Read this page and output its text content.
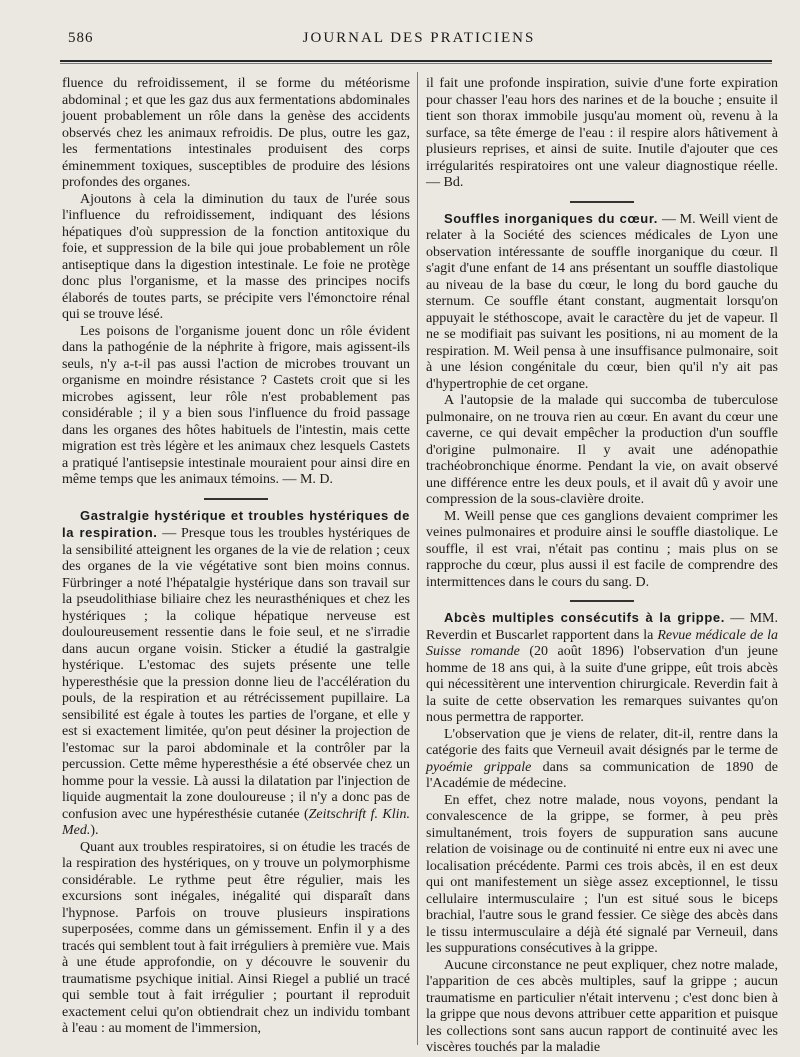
586	JOURNAL DES PRATICIENS

fluence du refroidissement, il se forme du météorisme abdominal ; et que les gaz dus aux fermentations abdominales jouent probablement un rôle dans la genèse des accidents observés chez les animaux refroidis. De plus, outre les gaz, les fermentations intestinales produisent des corps éminemment toxiques, susceptibles de produire des lésions profondes des organes.

Ajoutons à cela la diminution du taux de l'urée sous l'influence du refroidissement, indiquant des lésions hépatiques d'où suppression de la fonction antitoxique du foie, et suppression de la bile qui joue probablement un rôle antiseptique dans la digestion intestinale. Le foie ne protège donc plus l'organisme, et la masse des principes nocifs élaborés de toutes parts, se précipite vers l'émonctoire rénal qui se trouve lésé.

Les poisons de l'organisme jouent donc un rôle évident dans la pathogénie de la néphrite à frigore, mais agissent-ils seuls, n'y a-t-il pas aussi l'action de microbes trouvant un organisme en moindre résistance ? Castets croit que si les microbes agissent, leur rôle n'est probablement pas considérable ; il y a bien sous l'influence du froid passage dans les organes des hôtes habituels de l'intestin, mais cette migration est très légère et les animaux chez lesquels Castets a pratiqué l'antisepsie intestinale mouraient pour ainsi dire en même temps que les animaux témoins. — M. D.

Gastralgie hystérique et troubles hystériques de la respiration. — Presque tous les troubles hystériques de la sensibilité atteignent les organes de la vie de relation ; ceux des organes de la vie végétative sont bien moins connus. Fürbringer a noté l'hépatalgie hystérique dans son travail sur la pseudolithiase biliaire chez les neurasthéniques et chez les hystériques ; la colique hépatique nerveuse est douloureusement ressentie dans le foie seul, et ne s'irradie dans aucun organe voisin. Sticker a étudié la gastralgie hystérique. L'estomac des sujets présente une telle hyperesthésie que la pression donne lieu de l'accélération du pouls, de la respiration et au rétrécissement pupillaire. La sensibilité est égale à toutes les parties de l'organe, et elle y est si exactement limitée, qu'on peut désiner la projection de l'estomac sur la paroi abdominale et la contrôler par la percussion. Cette même hyperesthésie a été observée chez un homme pour la vessie. Là aussi la dilatation par l'injection de liquide augmentait la zone douloureuse ; il n'y a donc pas de confusion avec une hypéresthésie cutanée (Zeitschrift f. Klin. Med.).

Quant aux troubles respiratoires, si on étudie les tracés de la respiration des hystériques, on y trouve un polymorphisme considérable. Le rythme peut être régulier, mais les excursions sont inégales, inégalité qui disparaît dans l'hypnose. Parfois on trouve plusieurs inspirations superposées, comme dans un gémissement. Enfin il y a des tracés qui semblent tout à fait irréguliers à première vue. Mais à une étude approfondie, on y découvre le souvenir du traumatisme psychique initial. Ainsi Riegel a publié un tracé qui semble tout à fait irrégulier ; pourtant il reproduit exactement celui qu'on obtiendrait chez un individu tombant à l'eau : au moment de l'immersion,

il fait une profonde inspiration, suivie d'une forte expiration pour chasser l'eau hors des narines et de la bouche ; ensuite il tient son thorax immobile jusqu'au moment où, revenu à la surface, sa tête émerge de l'eau : il respire alors hâtivement à plusieurs reprises, et ainsi de suite. Inutile d'ajouter que ces irrégularités respiratoires ont une valeur diagnostique réelle. — Bd.

Souffles inorganiques du cœur. — M. Weill vient de relater à la Société des sciences médicales de Lyon une observation intéressante de souffle inorganique du cœur. Il s'agit d'une enfant de 14 ans présentant un souffle diastolique au niveau de la base du cœur, le long du bord gauche du sternum. Ce souffle étant constant, augmentait lorsqu'on appuyait le stéthoscope, avait le caractère du jet de vapeur. Il ne se modifiait pas suivant les positions, ni au moment de la respiration. M. Weil pensa à une insuffisance pulmonaire, soit à une lésion congénitale du cœur, bien qu'il n'y ait pas d'hypertrophie de cet organe.

A l'autopsie de la malade qui succomba de tuberculose pulmonaire, on ne trouva rien au cœur. En avant du cœur une caverne, ce qui devait empêcher la production d'un souffle d'origine pulmonaire. Il y avait une adénopathie trachéobronchique énorme. Pendant la vie, on avait observé une différence entre les deux pouls, et il avait dû y avoir une compression de la sous-clavière droite.

M. Weill pense que ces ganglions devaient comprimer les veines pulmonaires et produire ainsi le souffle diastolique. Le souffle, il est vrai, n'était pas continu ; mais plus on se rapproche du cœur, plus aussi il est facile de comprendre des intermittences dans le cours du sang. D.

Abcès multiples consécutifs à la grippe. — MM. Reverdin et Buscarlet rapportent dans la Revue médicale de la Suisse romande (20 août 1896) l'observation d'un jeune homme de 18 ans qui, à la suite d'une grippe, eût trois abcès qui nécessitèrent une intervention chirurgicale. Reverdin fait à la suite de cette observation les remarques suivantes qu'on nous permettra de rapporter.

L'observation que je viens de relater, dit-il, rentre dans la catégorie des faits que Verneuil avait désignés par le terme de pyoémie grippale dans sa communication de 1890 de l'Académie de médecine.

En effet, chez notre malade, nous voyons, pendant la convalescence de la grippe, se former, à peu près simultanément, trois foyers de suppuration sans aucune relation de voisinage ou de continuité ni entre eux ni avec une localisation précédente. Parmi ces trois abcès, il en est deux qui ont manifestement un siège assez exceptionnel, le tissu cellulaire intermusculaire ; l'un est situé sous le biceps brachial, l'autre sous le grand fessier. Ce siège des abcès dans le tissu intermusculaire a déjà été signalé par Verneuil, dans les suppurations consécutives à la grippe.

Aucune circonstance ne peut expliquer, chez notre malade, l'apparition de ces abcès multiples, sauf la grippe ; aucun traumatisme en particulier n'était intervenu ; c'est donc bien à la grippe que nous devons attribuer cette apparition et puisque les collections sont sans aucun rapport de continuité avec les viscères touchés par la maladie
